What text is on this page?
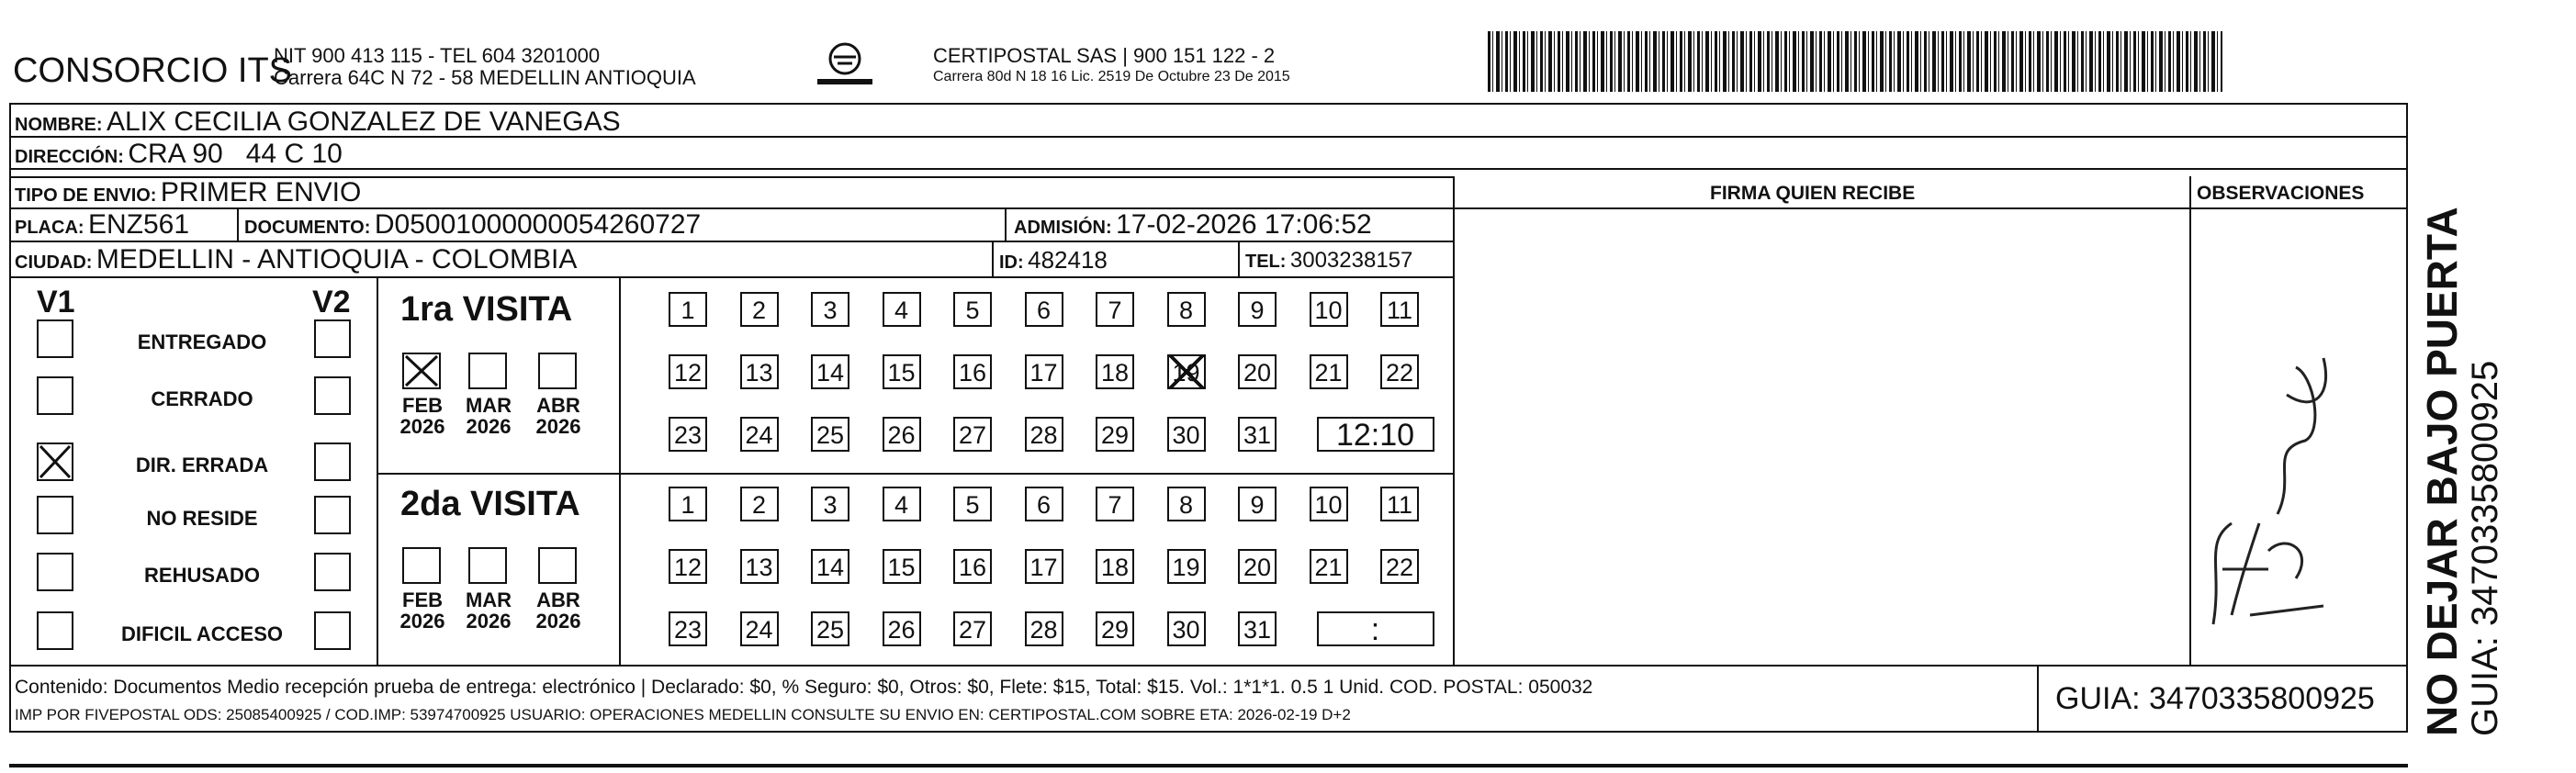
CONSORCIO ITS
NIT 900 413 115 - TEL 604 3201000
Carrera 64C N 72 - 58 MEDELLIN ANTIOQUIA
CERTIPOSTAL SAS | 900 151 122 - 2
Carrera 80d N 18 16 Lic. 2519 De Octubre 23 De 2015
NOMBRE: ALIX CECILIA GONZALEZ DE VANEGAS
DIRECCIÓN: CRA 90   44 C 10
TIPO DE ENVIO: PRIMER ENVIO
PLACA: ENZ561	DOCUMENTO: D05001000000054260727	ADMISIÓN: 17-02-2026 17:06:52
CIUDAD: MEDELLIN - ANTIOQUIA - COLOMBIA	ID: 482418	TEL: 3003238157
FIRMA QUIEN RECIBE	OBSERVACIONES
V1	V2
ENTREGADO
CERRADO
DIR. ERRADA
NO RESIDE
REHUSADO
DIFICIL ACCESO
1ra VISITA
2da VISITA
FEB
2026
MAR
2026
ABR
2026
1	2	3	4	5	6	7	8	9	10 11
12 13 14 15 16 17 18 19 20 21 22
23 24 25 26 27 28 29 30 31	12:10
FEB
2026
MAR
2026
ABR
2026
1	2	3	4	5	6	7	8	9	10 11
12 13 14 15 16 17 18 19 20 21 22
23 24 25 26 27 28 29 30 31	:	NO DEJAR BAJO PUERTA GUIA: 3470335800925
Contenido: Documentos Medio recepción prueba de entrega: electrónico | Declarado: $0, % Seguro: $0, Otros: $0, Flete: $15, Total: $15. Vol.: 1*1*1. 0.5 1 Unid. COD. POSTAL: 050032
IMP POR FIVEPOSTAL ODS: 25085400925 / COD.IMP: 53974700925 USUARIO: OPERACIONES MEDELLIN CONSULTE SU ENVIO EN: CERTIPOSTAL.COM SOBRE ETA: 2026-02-19 D+2	GUIA: 3470335800925
